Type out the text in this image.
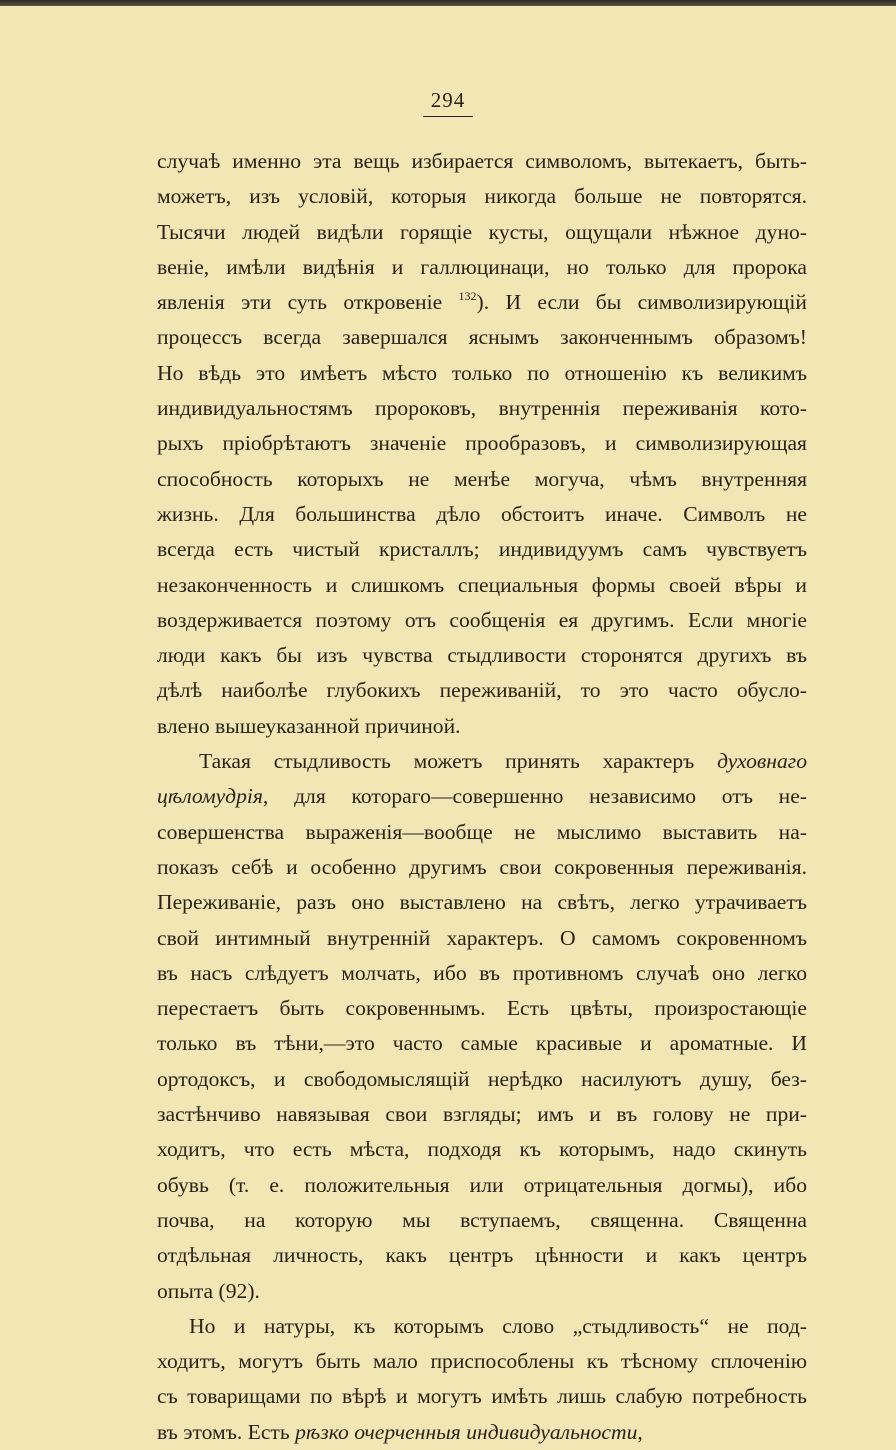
294
случаѣ именно эта вещь избирается символомъ, вытекаетъ, быть-
можетъ, изъ условій, которыя никогда больше не повторятся.
Тысячи людей видѣли горящіе кусты, ощущали нѣжное дуно-
веніе, имѣли видѣнія и галлюцинаци, но только для пророка
явленія эти суть откровеніе $^{132}$). И если бы символизирующій
процессъ всегда завершался яснымъ законченнымъ образомъ!
Но вѣдь это имѣетъ мѣсто только по отношенію къ великимъ
индивидуальностямъ пророковъ, внутреннія переживанія кото-
рыхъ пріобрѣтаютъ значеніе прообразовъ, и символизирующая
способность которыхъ не менѣе могуча, чѣмъ внутренняя
жизнь. Для большинства дѣло обстоитъ иначе. Символъ не
всегда есть чистый кристаллъ; индивидуумъ самъ чувствуетъ
незаконченность и слишкомъ специальныя формы своей вѣры и
воздерживается поэтому отъ сообщенія ея другимъ. Если многіе
люди какъ бы изъ чувства стыдливости сторонятся другихъ въ
дѣлѣ наиболѣе глубокихъ переживаній, то это часто обусло-
влено вышеуказанной причиной.
Такая стыдливость можетъ принять характеръ духовнаго
цѣломудрія, для котораго—совершенно независимо отъ не-
совершенства выраженія—вообще не мыслимо выставить на-
показъ себѣ и особенно другимъ свои сокровенныя переживанія.
Переживаніе, разъ оно выставлено на свѣтъ, легко утрачиваетъ
свой интимный внутренній характеръ. О самомъ сокровенномъ
въ насъ слѣдуетъ молчать, ибо въ противномъ случаѣ оно легко
перестаетъ быть сокровеннымъ. Есть цвѣты, произростающіе
только въ тѣни,—это часто самые красивые и ароматные. И
ортодоксъ, и свободомыслящій нерѣдко насилуютъ душу, без-
застѣнчиво навязывая свои взгляды; имъ и въ голову не при-
ходитъ, что есть мѣста, подходя къ которымъ, надо скинуть
обувь (т. е. положительныя или отрицательныя догмы), ибо
почва, на которую мы вступаемъ, священна. Священна
отдѣльная личность, какъ центръ цѣнности и какъ центръ
опыта (92).
Но и натуры, къ которымъ слово „стыдливость“ не под-
ходитъ, могутъ быть мало приспособлены къ тѣсному сплоченію
съ товарищами по вѣрѣ и могутъ имѣть лишь слабую потребность
въ этомъ. Есть рѣзко очерченныя индивидуальности,
